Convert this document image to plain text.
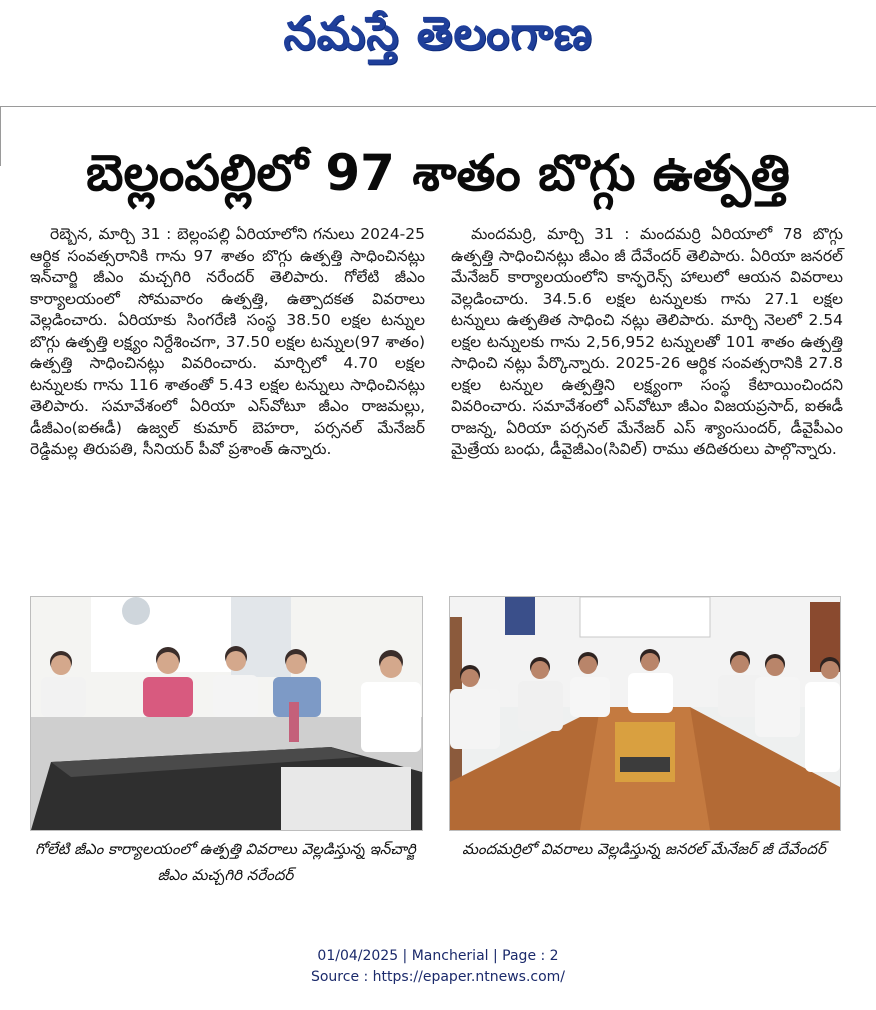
నమస్తే తెలంగాణ
బెల్లంపల్లిలో 97 శాతం బొగ్గు ఉత్పత్తి
రెబ్బెన, మార్చి 31 : బెల్లంపల్లి ఏరియాలోని గనులు 2024-25 ఆర్థిక సంవత్సరానికి గాను 97 శాతం బొగ్గు ఉత్పత్తి సాధించినట్లు ఇన్‌చార్జి జీఎం మచ్చగిరి నరేందర్ తెలిపారు. గోలేటి జీఎం కార్యాలయంలో సోమవారం ఉత్పత్తి, ఉత్పాదకత వివరాలు వెల్లడించారు. ఏరియాకు సింగరేణి సంస్థ 38.50 లక్షల టన్నుల బొగ్గు ఉత్పత్తి లక్ష్యం నిర్దేశించగా, 37.50 లక్షల టన్నుల(97 శాతం) ఉత్పత్తి సాధించినట్లు వివరించారు. మార్చిలో 4.70 లక్షల టన్నులకు గాను 116 శాతంతో 5.43 లక్షల టన్నులు సాధించినట్లు తెలిపారు. సమావేశంలో ఏరియా ఎస్‌వోటూ జీఎం రాజమల్లు, డీజీఎం(ఐఈడీ) ఉజ్వల్ కుమార్ బెహరా, పర్సనల్ మేనేజర్ రెడ్డిమల్ల తిరుపతి, సీనియర్ పీవో ప్రశాంత్ ఉన్నారు.
మందమర్రి, మార్చి 31 : మందమర్రి ఏరియాలో 78 బొగ్గు ఉత్పత్తి సాధించినట్లు జీఎం జీ దేవేందర్ తెలిపారు. ఏరియా జనరల్ మేనేజర్ కార్యాలయంలోని కాన్ఫరెన్స్ హాలులో ఆయన వివరాలు వెల్లడించారు. 34.5.6 లక్షల టన్నులకు గాను 27.1 లక్షల టన్నులు ఉత్పతిత సాధించి నట్లు తెలిపారు. మార్చి నెలలో 2.54 లక్షల టన్నులకు గాను 2,56,952 టన్నులతో 101 శాతం ఉత్పత్తి సాధించి నట్లు పేర్కొన్నారు. 2025-26 ఆర్థిక సంవత్సరానికి 27.8 లక్షల టన్నుల ఉత్పత్తిని లక్ష్యంగా సంస్థ కేటాయించిందని వివరించారు. సమావేశంలో ఎస్‌వోటూ జీఎం విజయప్రసాద్, ఐఈడీ రాజన్న, ఏరియా పర్సనల్ మేనేజర్ ఎస్ శ్యాంసుందర్, డీవైపీఎం మైత్రేయ బంధు, డీవైజీఎం(సివిల్) రాము తదితరులు పాల్గొన్నారు.
గోలేటి జీఎం కార్యాలయంలో ఉత్పత్తి వివరాలు వెల్లడిస్తున్న ఇన్‌చార్జి జీఎం మచ్చగిరి నరేందర్
మందమర్రిలో వివరాలు వెల్లడిస్తున్న జనరల్ మేనేజర్ జీ దేవేందర్
01/04/2025 | Mancherial | Page : 2
Source : https://epaper.ntnews.com/
